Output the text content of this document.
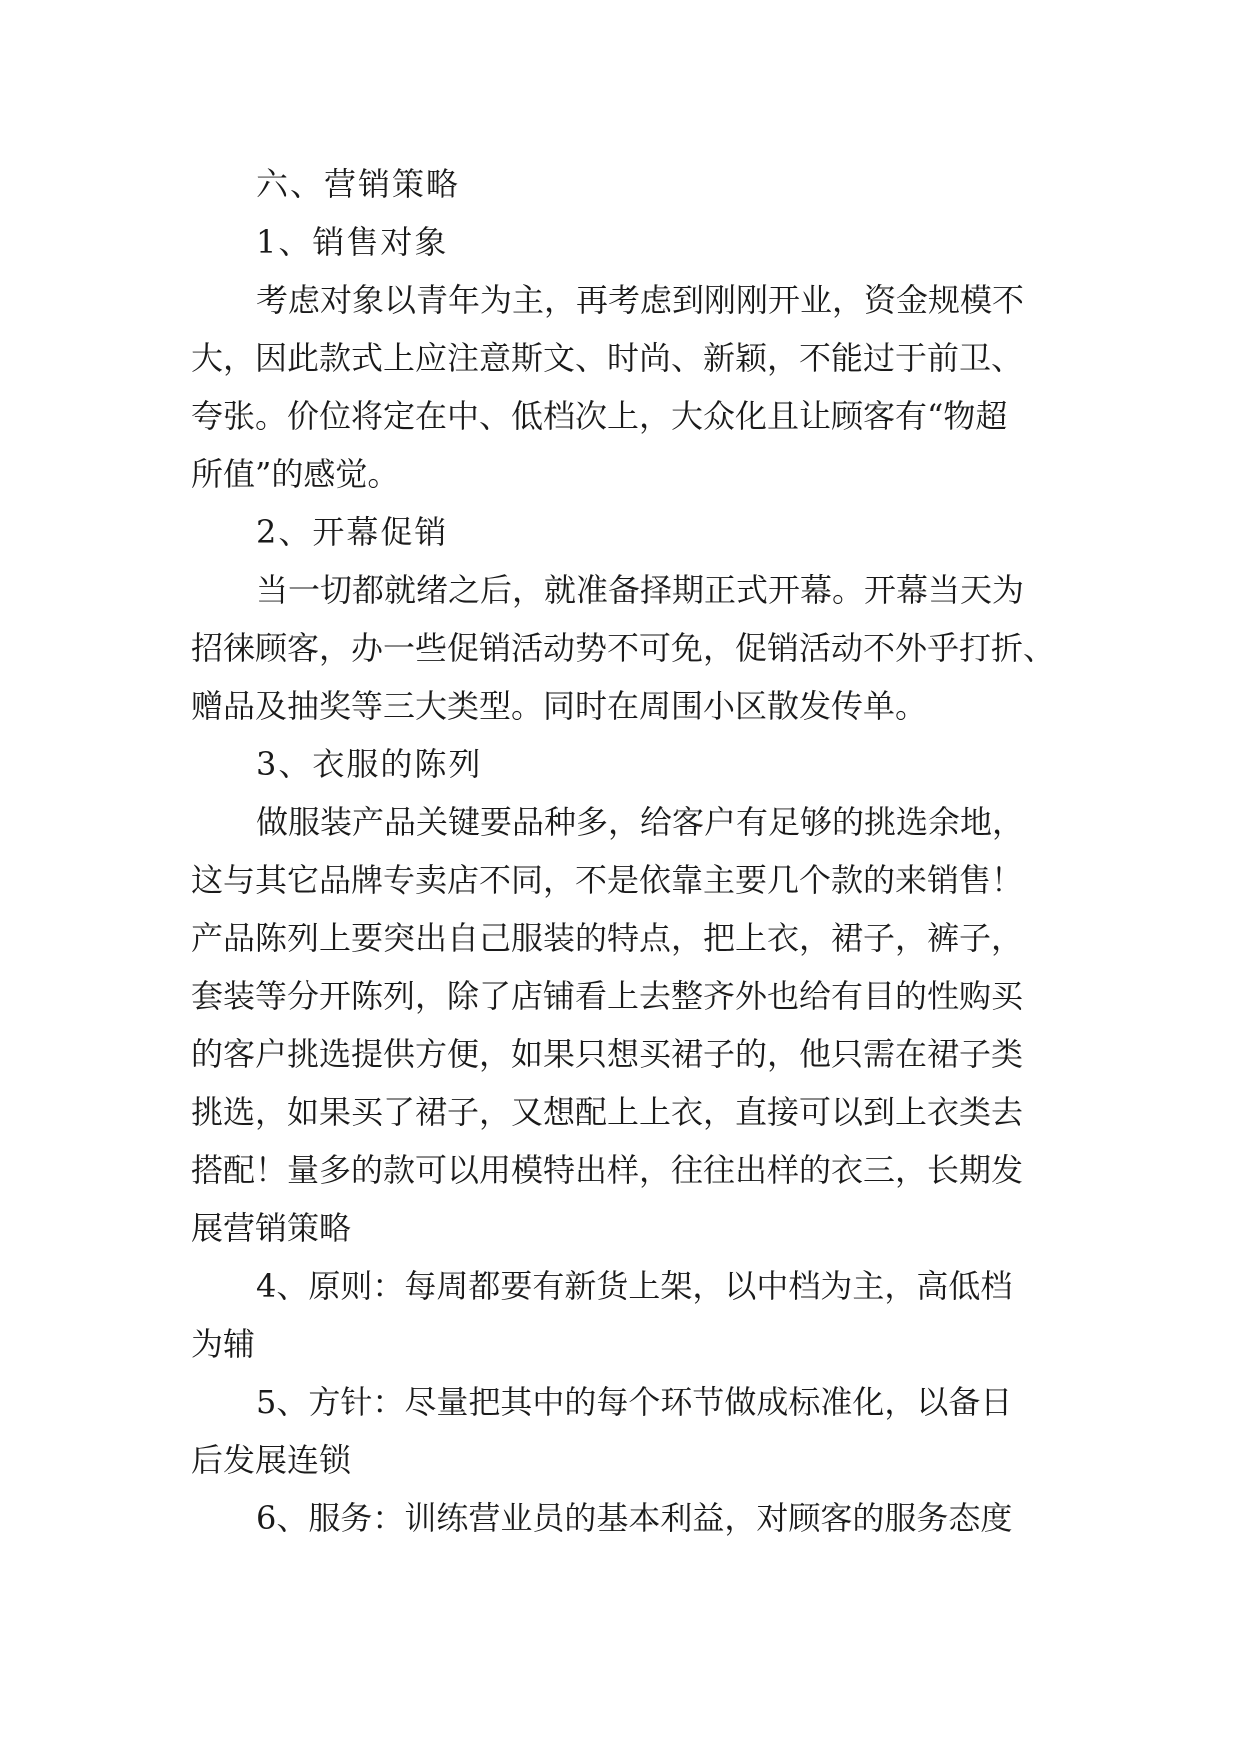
六、营销策略
1、销售对象
考虑对象以青年为主，再考虑到刚刚开业，资金规模不
大，因此款式上应注意斯文、时尚、新颖，不能过于前卫、
夸张。价位将定在中、低档次上，大众化且让顾客有“物超
所值”的感觉。
2、开幕促销
当一切都就绪之后，就准备择期正式开幕。开幕当天为
招徕顾客，办一些促销活动势不可免，促销活动不外乎打折、
赠品及抽奖等三大类型。同时在周围小区散发传单。
3、衣服的陈列
做服装产品关键要品种多，给客户有足够的挑选余地，
这与其它品牌专卖店不同，不是依靠主要几个款的来销售！
产品陈列上要突出自己服装的特点，把上衣，裙子，裤子，
套装等分开陈列，除了店铺看上去整齐外也给有目的性购买
的客户挑选提供方便，如果只想买裙子的，他只需在裙子类
挑选，如果买了裙子，又想配上上衣，直接可以到上衣类去
搭配！量多的款可以用模特出样，往往出样的衣三，长期发
展营销策略
4、原则：每周都要有新货上架，以中档为主，高低档
为辅
5、方针：尽量把其中的每个环节做成标准化，以备日
后发展连锁
6、服务：训练营业员的基本利益，对顾客的服务态度
